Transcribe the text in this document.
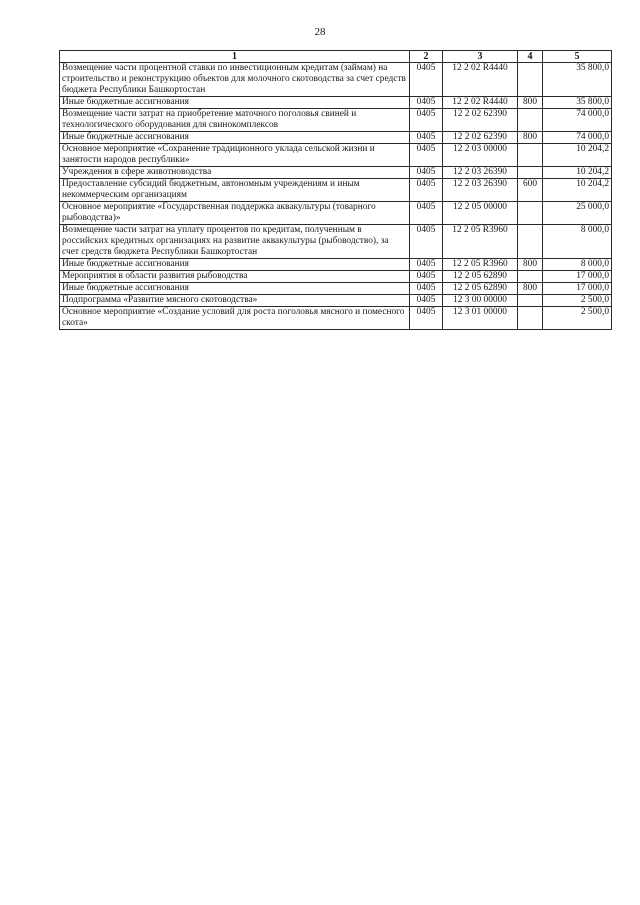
28
1	2	3	4	5
Возмещение части процентной ставки по инвестиционным кредитам (займам) на строительство и реконструкцию объектов для молочного скотоводства за счет средств бюджета Республики Башкортостан	0405	12 2 02 R4440		35 800,0
Иные бюджетные ассигнования	0405	12 2 02 R4440	800	35 800,0
Возмещение части затрат на приобретение маточного поголовья свиней и технологического оборудования для свинокомплексов	0405	12 2 02 62390		74 000,0
Иные бюджетные ассигнования	0405	12 2 02 62390	800	74 000,0
Основное мероприятие «Сохранение традиционного уклада сельской жизни и занятости народов республики»	0405	12 2 03 00000		10 204,2
Учреждения в сфере животноводства	0405	12 2 03 26390		10 204,2
Предоставление субсидий бюджетным, автономным учреждениям и иным некоммерческим организациям	0405	12 2 03 26390	600	10 204,2
Основное мероприятие «Государственная поддержка аквакультуры (товарного рыбоводства)»	0405	12 2 05 00000		25 000,0
Возмещение части затрат на уплату процентов по кредитам, полученным в российских кредитных организациях на развитие аквакультуры (рыбоводство), за счет средств бюджета Республики Башкортостан	0405	12 2 05 R3960		8 000,0
Иные бюджетные ассигнования	0405	12 2 05 R3960	800	8 000,0
Мероприятия в области развития рыбоводства	0405	12 2 05 62890		17 000,0
Иные бюджетные ассигнования	0405	12 2 05 62890	800	17 000,0
Подпрограмма «Развитие мясного скотоводства»	0405	12 3 00 00000		2 500,0
Основное мероприятие «Создание условий для роста поголовья мясного и помесного скота»	0405	12 3 01 00000		2 500,0
